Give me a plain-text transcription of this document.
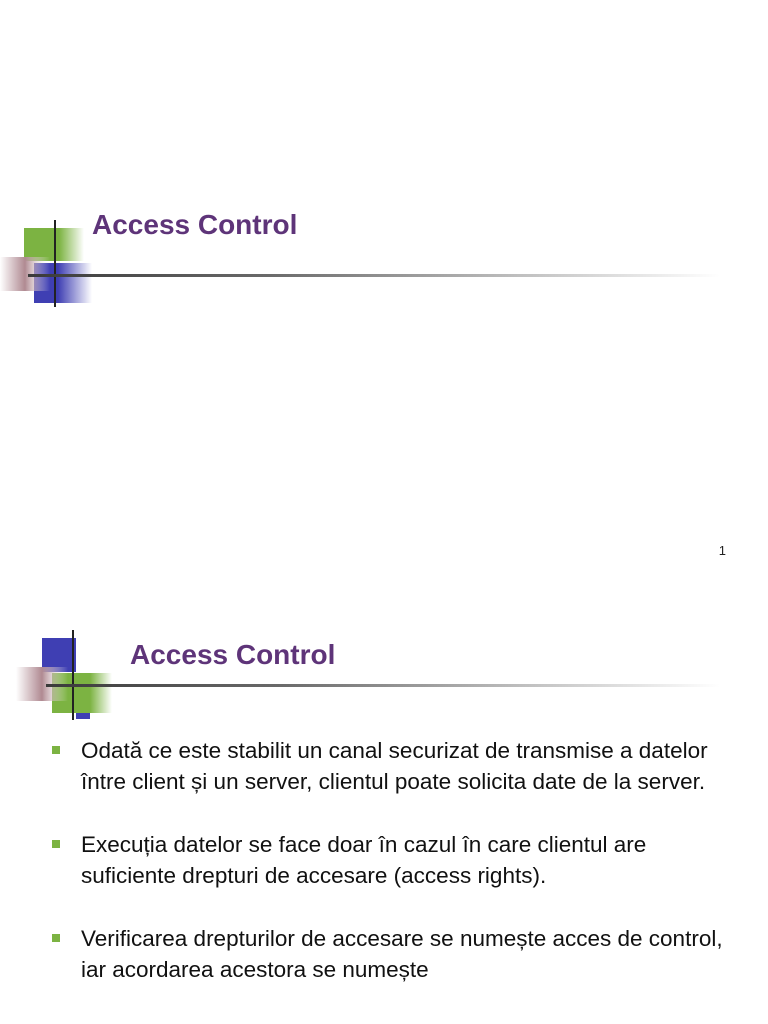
Access Control
1
Access Control
Odată ce este stabilit un canal securizat de transmise a datelor între client și un server, clientul poate solicita date de la server.
Execuția datelor se face doar în cazul în care clientul are suficiente drepturi de accesare (access rights).
Verificarea drepturilor de accesare se numește acces de control, iar acordarea acestora se numește
